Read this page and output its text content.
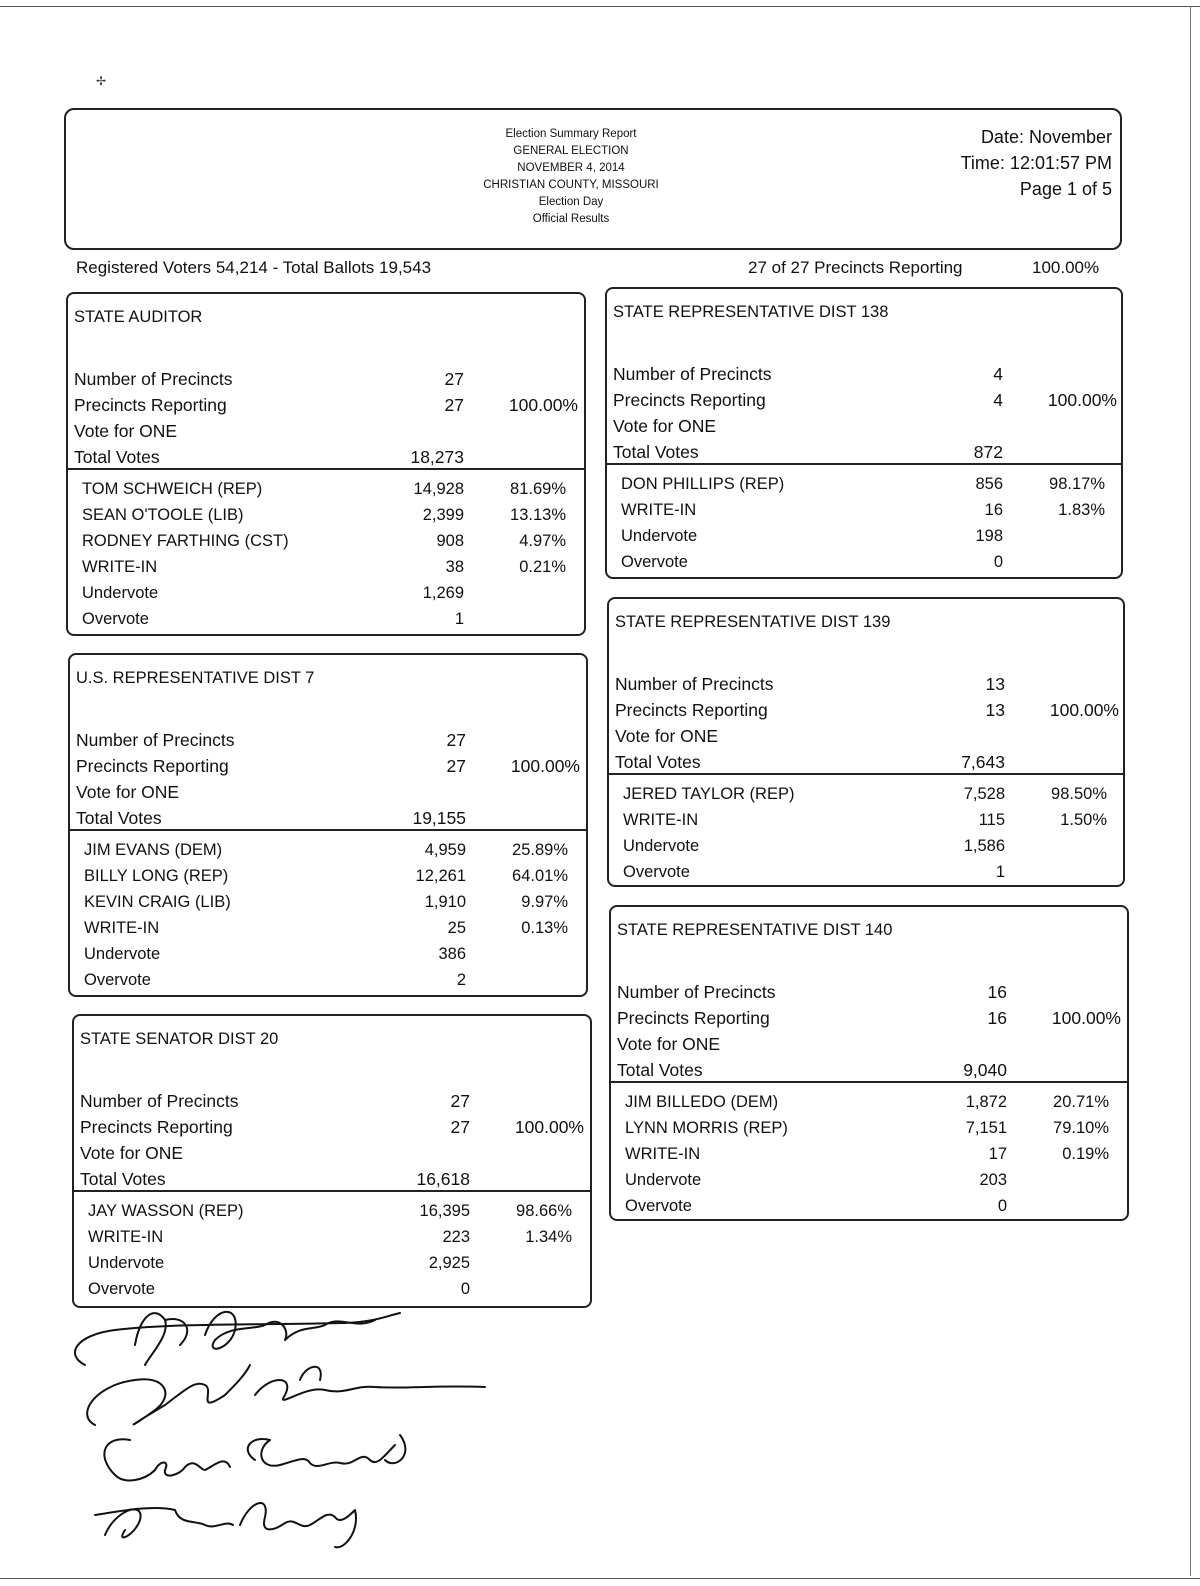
✢
Election Summary Report
GENERAL ELECTION
NOVEMBER 4, 2014
CHRISTIAN COUNTY, MISSOURI
Election Day
Official Results
Date: November
Time: 12:01:57 PM
Page 1 of 5
Registered Voters 54,214 - Total Ballots 19,543	27 of 27 Precincts Reporting	100.00%
STATE AUDITOR
Number of Precincts	27
Precincts Reporting	27	100.00%
Vote for ONE
Total Votes	18,273
TOM SCHWEICH (REP)	14,928	81.69%
SEAN O'TOOLE (LIB)	2,399	13.13%
RODNEY FARTHING (CST)	908	4.97%
WRITE-IN	38	0.21%
Undervote	1,269
Overvote	1
U.S. REPRESENTATIVE DIST 7
Number of Precincts	27
Precincts Reporting	27	100.00%
Vote for ONE
Total Votes	19,155
JIM EVANS (DEM)	4,959	25.89%
BILLY LONG (REP)	12,261	64.01%
KEVIN CRAIG (LIB)	1,910	9.97%
WRITE-IN	25	0.13%
Undervote	386
Overvote	2
STATE SENATOR DIST 20
Number of Precincts	27
Precincts Reporting	27	100.00%
Vote for ONE
Total Votes	16,618
JAY WASSON (REP)	16,395	98.66%
WRITE-IN	223	1.34%
Undervote	2,925
Overvote	0
STATE REPRESENTATIVE DIST 138
Number of Precincts	4
Precincts Reporting	4	100.00%
Vote for ONE
Total Votes	872
DON PHILLIPS (REP)	856	98.17%
WRITE-IN	16	1.83%
Undervote	198
Overvote	0
STATE REPRESENTATIVE DIST 139
Number of Precincts	13
Precincts Reporting	13	100.00%
Vote for ONE
Total Votes	7,643
JERED TAYLOR (REP)	7,528	98.50%
WRITE-IN	115	1.50%
Undervote	1,586
Overvote	1
STATE REPRESENTATIVE DIST 140
Number of Precincts	16
Precincts Reporting	16	100.00%
Vote for ONE
Total Votes	9,040
JIM BILLEDO (DEM)	1,872	20.71%
LYNN MORRIS (REP)	7,151	79.10%
WRITE-IN	17	0.19%
Undervote	203
Overvote	0
